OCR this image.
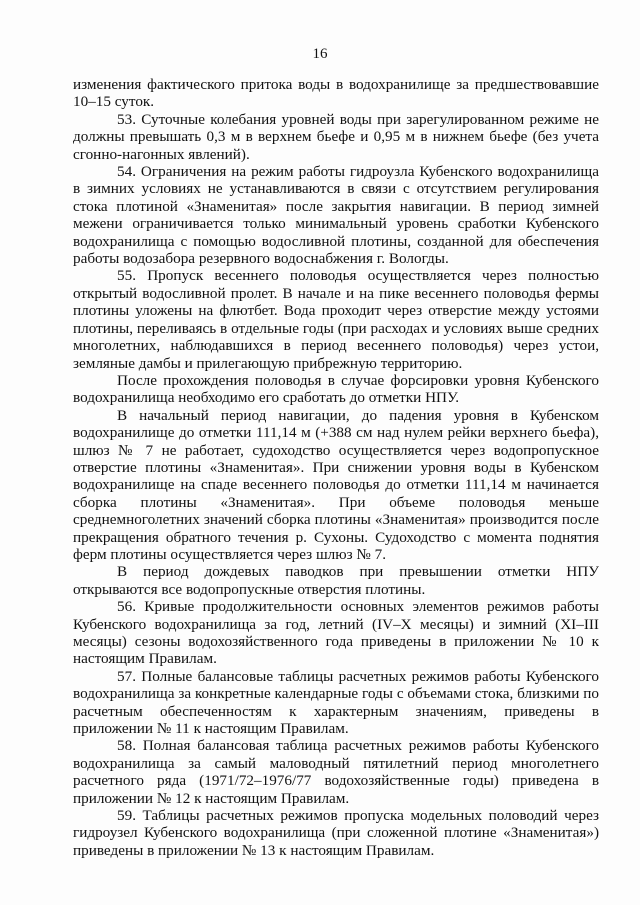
16

изменения фактического притока воды в водохранилище за предшествовавшие 10–15 суток.

53. Суточные колебания уровней воды при зарегулированном режиме не должны превышать 0,3 м в верхнем бьефе и 0,95 м в нижнем бьефе (без учета сгонно-нагонных явлений).

54. Ограничения на режим работы гидроузла Кубенского водохранилища в зимних условиях не устанавливаются в связи с отсутствием регулирования стока плотиной «Знаменитая» после закрытия навигации. В период зимней межени ограничивается только минимальный уровень сработки Кубенского водохранилища с помощью водосливной плотины, созданной для обеспечения работы водозабора резервного водоснабжения г. Вологды.

55. Пропуск весеннего половодья осуществляется через полностью открытый водосливной пролет. В начале и на пике весеннего половодья фермы плотины уложены на флютбет. Вода проходит через отверстие между устоями плотины, переливаясь в отдельные годы (при расходах и условиях выше средних многолетних, наблюдавшихся в период весеннего половодья) через устои, земляные дамбы и прилегающую прибрежную территорию.

После прохождения половодья в случае форсировки уровня Кубенского водохранилища необходимо его сработать до отметки НПУ.

В начальный период навигации, до падения уровня в Кубенском водохранилище до отметки 111,14 м (+388 см над нулем рейки верхнего бьефа), шлюз № 7 не работает, судоходство осуществляется через водопропускное отверстие плотины «Знаменитая». При снижении уровня воды в Кубенском водохранилище на спаде весеннего половодья до отметки 111,14 м начинается сборка плотины «Знаменитая». При объеме половодья меньше среднемноголетних значений сборка плотины «Знаменитая» производится после прекращения обратного течения р. Сухоны. Судоходство с момента поднятия ферм плотины осуществляется через шлюз № 7.

В период дождевых паводков при превышении отметки НПУ открываются все водопропускные отверстия плотины.

56. Кривые продолжительности основных элементов режимов работы Кубенского водохранилища за год, летний (IV–X месяцы) и зимний (XI–III месяцы) сезоны водохозяйственного года приведены в приложении № 10 к настоящим Правилам.

57. Полные балансовые таблицы расчетных режимов работы Кубенского водохранилища за конкретные календарные годы с объемами стока, близкими по расчетным обеспеченностям к характерным значениям, приведены в приложении № 11 к настоящим Правилам.

58. Полная балансовая таблица расчетных режимов работы Кубенского водохранилища за самый маловодный пятилетний период многолетнего расчетного ряда (1971/72–1976/77 водохозяйственные годы) приведена в приложении № 12 к настоящим Правилам.

59. Таблицы расчетных режимов пропуска модельных половодий через гидроузел Кубенского водохранилища (при сложенной плотине «Знаменитая») приведены в приложении № 13 к настоящим Правилам.
